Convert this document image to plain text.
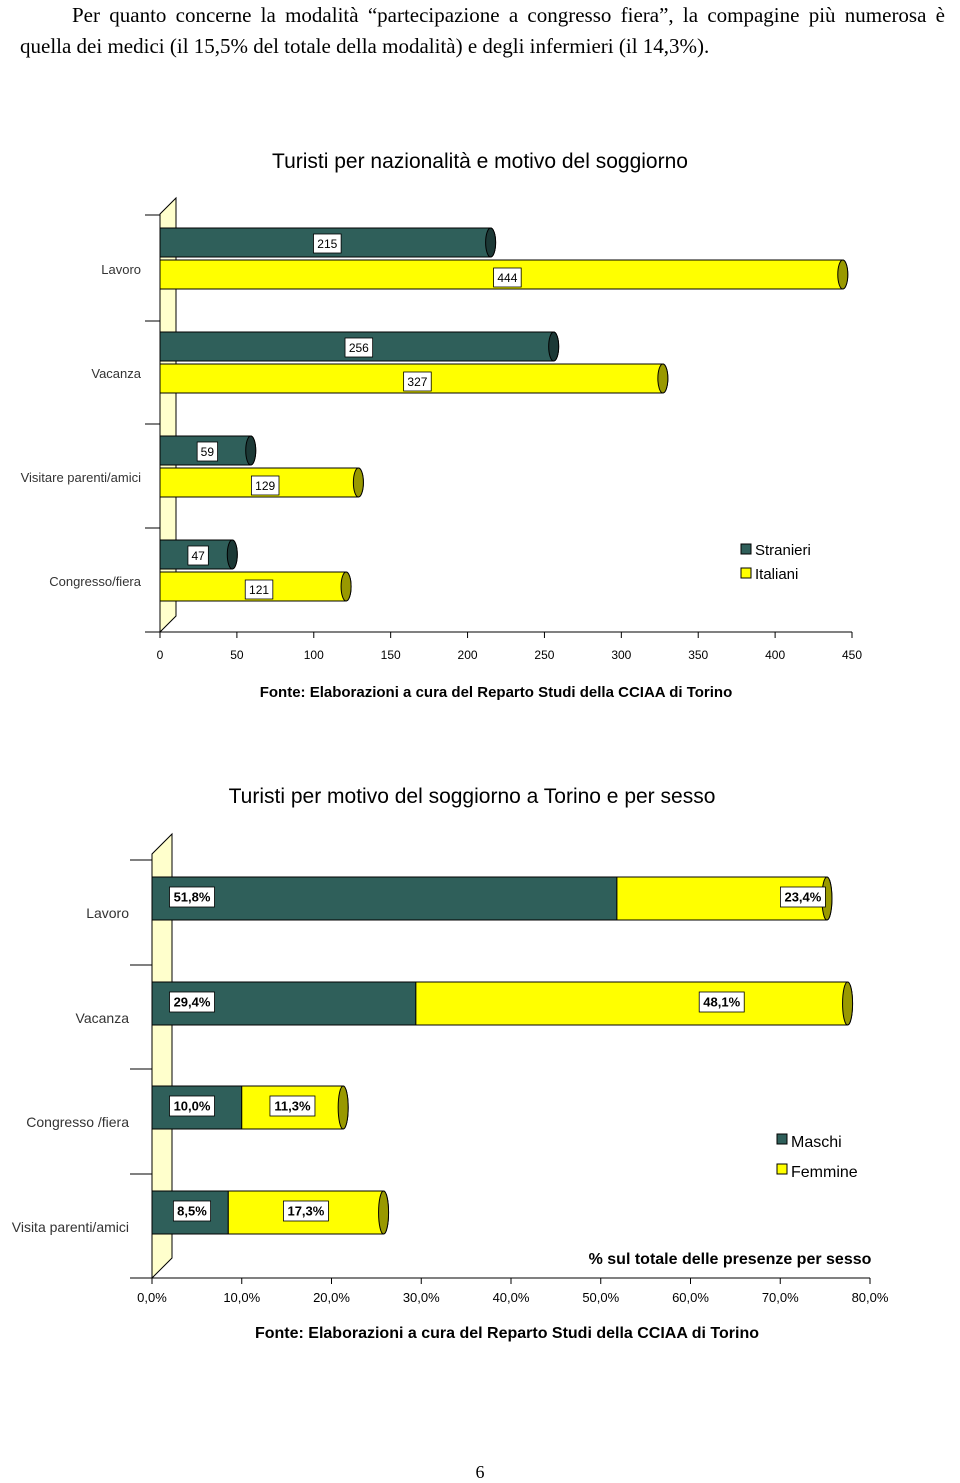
Per quanto concerne la modalità “partecipazione a congresso fiera”, la compagine più numerosa è quella dei medici (il 15,5% del totale della modalità) e degli infermieri (il 14,3%).

Turisti per nazionalità e motivo del soggiorno
0	50	100	150	200	250	300	350	400	450
Lavoro
215
444
Vacanza
256
327
Visitare parenti/amici
59
129
Congresso/fiera
47
121
Stranieri
Italiani
Fonte: Elaborazioni a cura del Reparto Studi della CCIAA di Torino
Turisti per motivo del soggiorno a Torino e per sesso
0,0%	10,0%	20,0%	30,0%	40,0%	50,0%	60,0%	70,0%	80,0%
Lavoro
51,8%	23,4%
Vacanza
29,4%	48,1%
Congresso /fiera
10,0%	11,3%
Visita parenti/amici
8,5%	17,3%
Maschi
Femmine
% sul totale delle presenze per sesso
Fonte: Elaborazioni a cura del Reparto Studi della CCIAA di Torino
6
